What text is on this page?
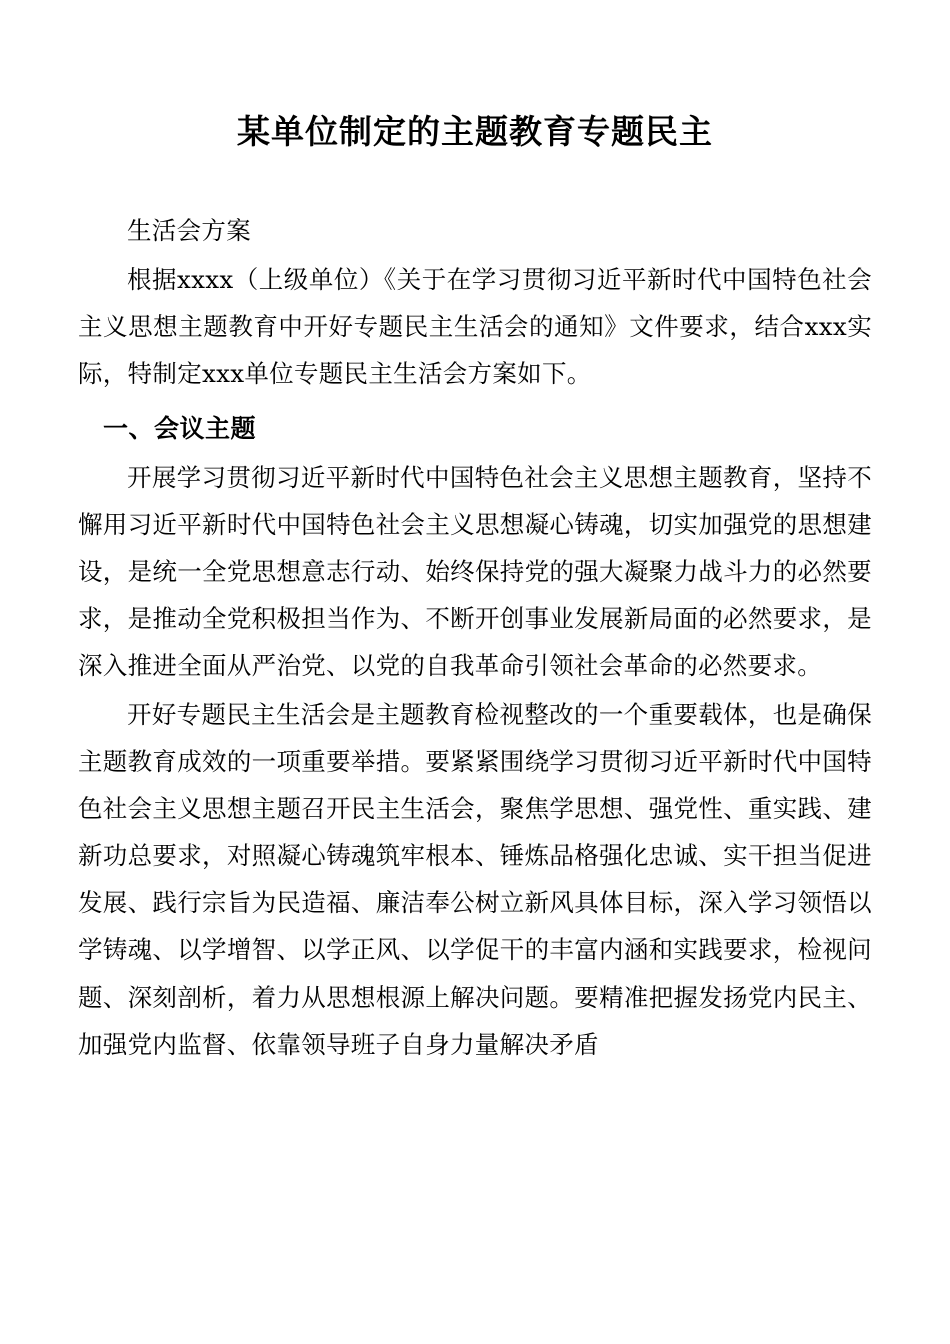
某单位制定的主题教育专题民主

生活会方案

根据xxxx（上级单位）《关于在学习贯彻习近平新时代中国特色社会主义思想主题教育中开好专题民主生活会的通知》文件要求，结合xxx实际，特制定xxx单位专题民主生活会方案如下。

一、会议主题

开展学习贯彻习近平新时代中国特色社会主义思想主题教育，坚持不懈用习近平新时代中国特色社会主义思想凝心铸魂，切实加强党的思想建设，是统一全党思想意志行动、始终保持党的强大凝聚力战斗力的必然要求，是推动全党积极担当作为、不断开创事业发展新局面的必然要求，是深入推进全面从严治党、以党的自我革命引领社会革命的必然要求。

开好专题民主生活会是主题教育检视整改的一个重要载体，也是确保主题教育成效的一项重要举措。要紧紧围绕学习贯彻习近平新时代中国特色社会主义思想主题召开民主生活会，聚焦学思想、强党性、重实践、建新功总要求，对照凝心铸魂筑牢根本、锤炼品格强化忠诚、实干担当促进发展、践行宗旨为民造福、廉洁奉公树立新风具体目标，深入学习领悟以学铸魂、以学增智、以学正风、以学促干的丰富内涵和实践要求，检视问题、深刻剖析，着力从思想根源上解决问题。要精准把握发扬党内民主、加强党内监督、依靠领导班子自身力量解决矛盾
